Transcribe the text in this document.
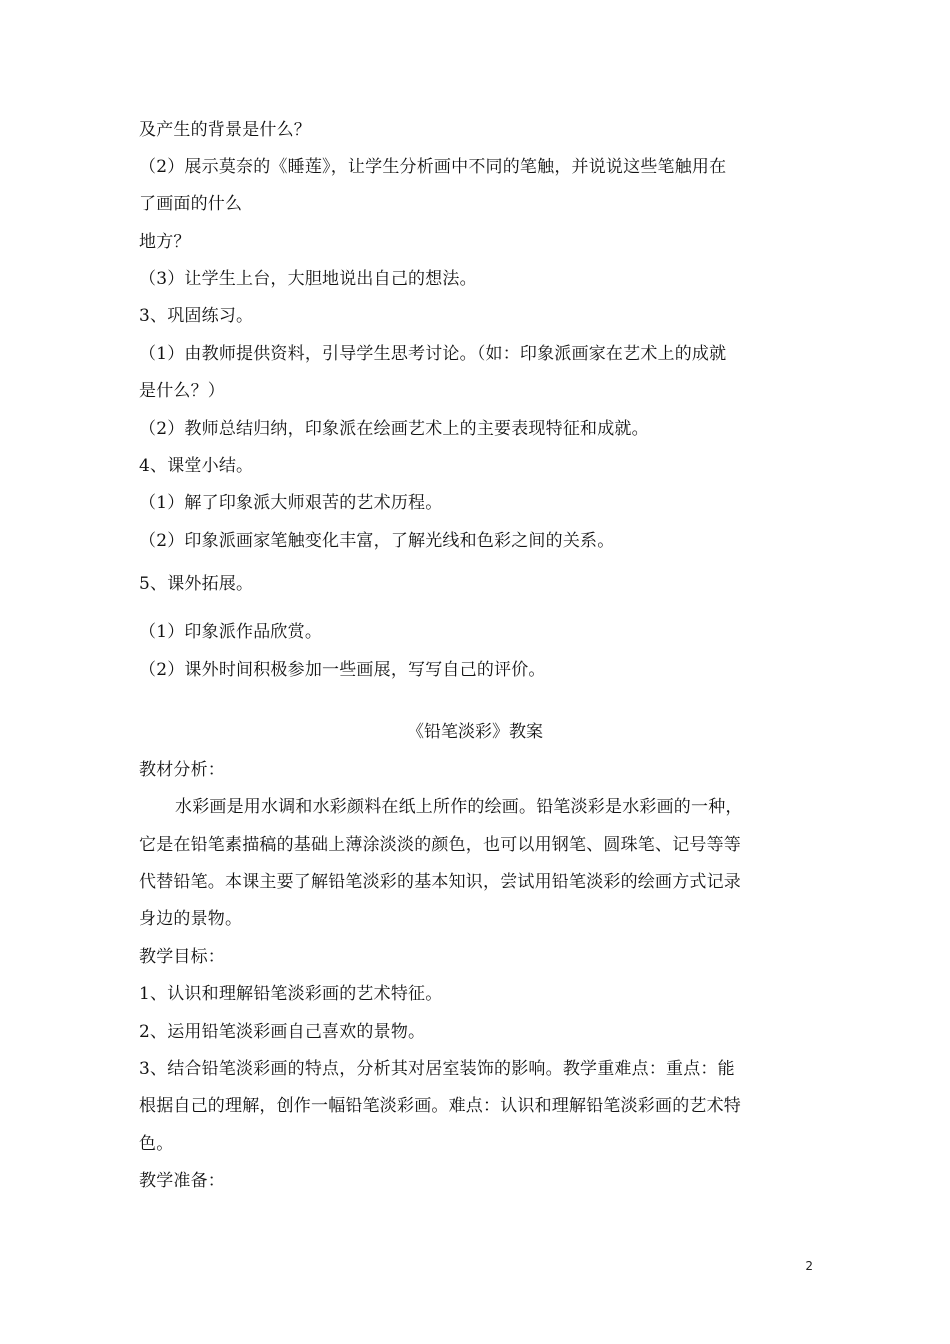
及产生的背景是什么？
（2）展示莫奈的《睡莲》，让学生分析画中不同的笔触，并说说这些笔触用在
了画面的什么
地方？
（3）让学生上台，大胆地说出自己的想法。
3、巩固练习。
（1）由教师提供资料，引导学生思考讨论。（如：印象派画家在艺术上的成就
是什么？）
（2）教师总结归纳，印象派在绘画艺术上的主要表现特征和成就。
4、课堂小结。
（1）解了印象派大师艰苦的艺术历程。
（2）印象派画家笔触变化丰富，了解光线和色彩之间的关系。
5、课外拓展。
（1）印象派作品欣赏。
（2）课外时间积极参加一些画展，写写自己的评价。
《铅笔淡彩》教案
教材分析：
水彩画是用水调和水彩颜料在纸上所作的绘画。铅笔淡彩是水彩画的一种，
它是在铅笔素描稿的基础上薄涂淡淡的颜色，也可以用钢笔、圆珠笔、记号等等
代替铅笔。本课主要了解铅笔淡彩的基本知识，尝试用铅笔淡彩的绘画方式记录
身边的景物。
教学目标：
1、认识和理解铅笔淡彩画的艺术特征。
2、运用铅笔淡彩画自己喜欢的景物。
3、结合铅笔淡彩画的特点，分析其对居室装饰的影响。教学重难点：重点：能
根据自己的理解，创作一幅铅笔淡彩画。难点：认识和理解铅笔淡彩画的艺术特
色。
教学准备：
2
